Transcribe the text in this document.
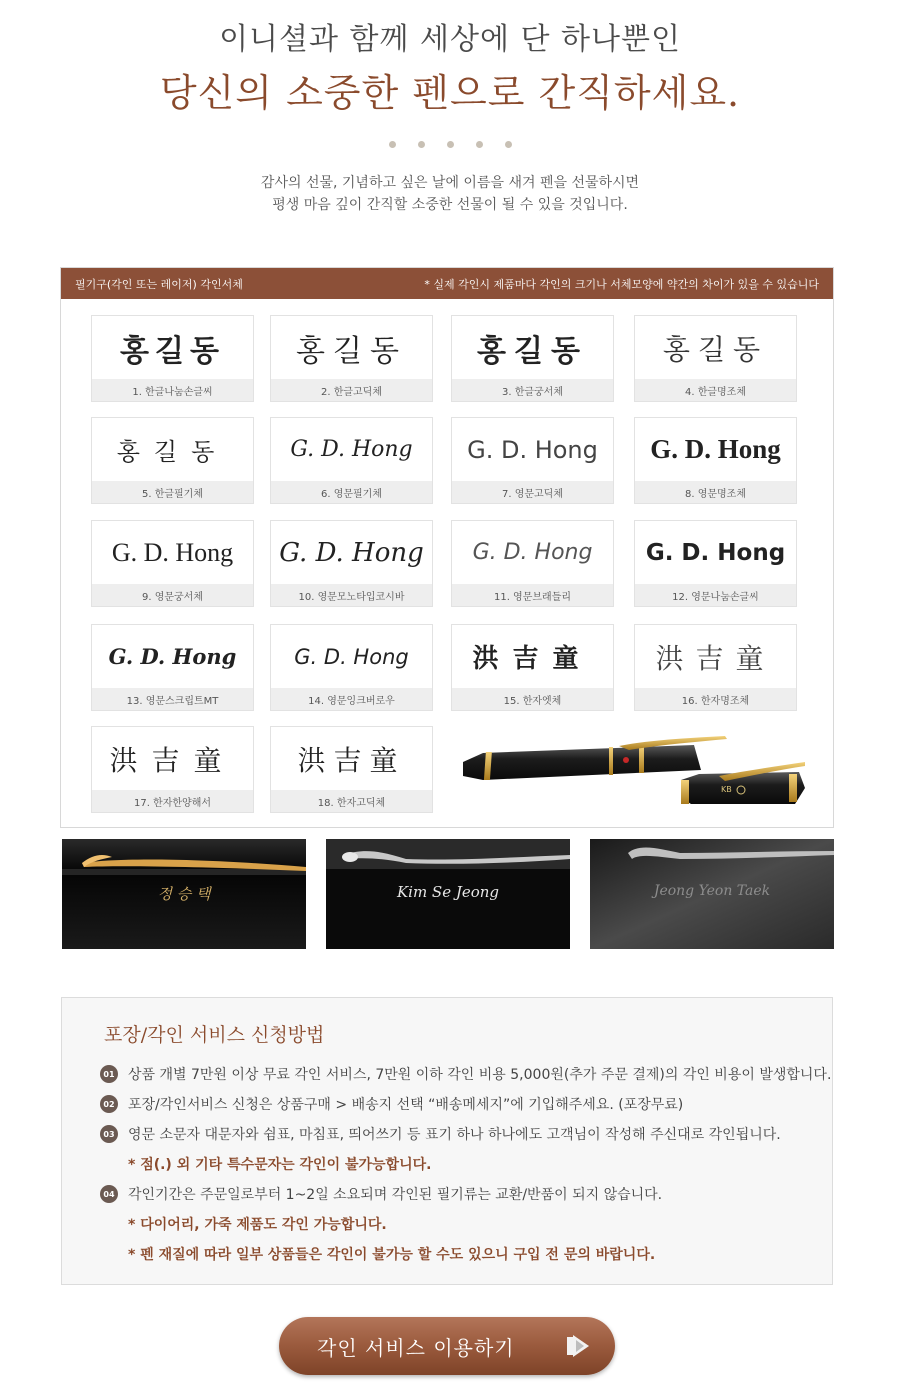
이니셜과 함께 세상에 단 하나뿐인
당신의 소중한 펜으로 간직하세요.
감사의 선물, 기념하고 싶은 날에 이름을 새겨 펜을 선물하시면
평생 마음 깊이 간직할 소중한 선물이 될 수 있을 것입니다.
필기구(각인 또는 레이저) 각인서체	* 실제 각인시 제품마다 각인의 크기나 서체모양에 약간의 차이가 있을 수 있습니다
홍길동
1. 한글나눔손글씨
홍길동
2. 한글고딕체
홍길동
3. 한글궁서체
홍길동
4. 한글명조체
홍길동
5. 한글필기체
G. D. Hong
6. 영문필기체
G. D. Hong
7. 영문고딕체
G. D. Hong
8. 영문명조체
G. D. Hong
9. 영문궁서체
G. D. Hong
10. 영문모노타입코시바
G. D. Hong
11. 영문브래들리
G. D. Hong
12. 영문나눔손글씨
G. D. Hong
13. 영문스크립트MT
G. D. Hong
14. 영문잉크버로우
洪吉童
15. 한자엣체
洪吉童
16. 한자명조체
洪吉童
17. 한자한양해서
洪吉童
18. 한자고딕체
KB
정 승 택	Kim Se Jeong	Jeong Yeon Taek
포장/각인 서비스 신청방법
01 상품 개별 7만원 이상 무료 각인 서비스, 7만원 이하 각인 비용 5,000원(추가 주문 결제)의 각인 비용이 발생합니다.
02 포장/각인서비스 신청은 상품구매 > 배송지 선택 “배송메세지”에 기입해주세요. (포장무료)
03 영문 소문자 대문자와 쉼표, 마침표, 띄어쓰기 등 표기 하나 하나에도 고객님이 작성해 주신대로 각인됩니다.
* 점(.) 외 기타 특수문자는 각인이 불가능합니다.
04 각인기간은 주문일로부터 1~2일 소요되며 각인된 필기류는 교환/반품이 되지 않습니다.
* 다이어리, 가죽 제품도 각인 가능합니다.
* 펜 재질에 따라 일부 상품들은 각인이 불가능 할 수도 있으니 구입 전 문의 바랍니다.
각인 서비스 이용하기
